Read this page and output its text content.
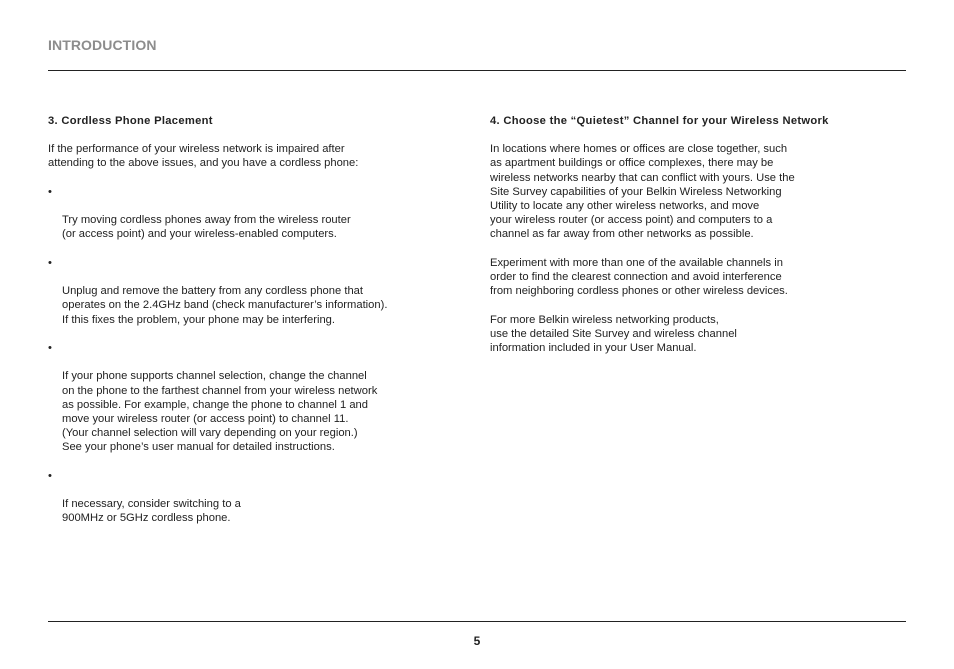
INTRODUCTION
3. Cordless Phone Placement

If the performance of your wireless network is impaired after
attending to the above issues, and you have a cordless phone:

•

Try moving cordless phones away from the wireless router
(or access point) and your wireless-enabled computers.

•

Unplug and remove the battery from any cordless phone that
operates on the 2.4GHz band (check manufacturer’s information).
If this fixes the problem, your phone may be interfering.

•

If your phone supports channel selection, change the channel
on the phone to the farthest channel from your wireless network
as possible. For example, change the phone to channel 1 and
move your wireless router (or access point) to channel 11.
(Your channel selection will vary depending on your region.)
See your phone’s user manual for detailed instructions.

•

If necessary, consider switching to a
900MHz or 5GHz cordless phone.

4. Choose the “Quietest” Channel for your Wireless Network

In locations where homes or offices are close together, such
as apartment buildings or office complexes, there may be
wireless networks nearby that can conflict with yours. Use the
Site Survey capabilities of your Belkin Wireless Networking
Utility to locate any other wireless networks, and move
your wireless router (or access point) and computers to a
channel as far away from other networks as possible.

Experiment with more than one of the available channels in
order to find the clearest connection and avoid interference
from neighboring cordless phones or other wireless devices.

For more Belkin wireless networking products,
use the detailed Site Survey and wireless channel
information included in your User Manual.

5
